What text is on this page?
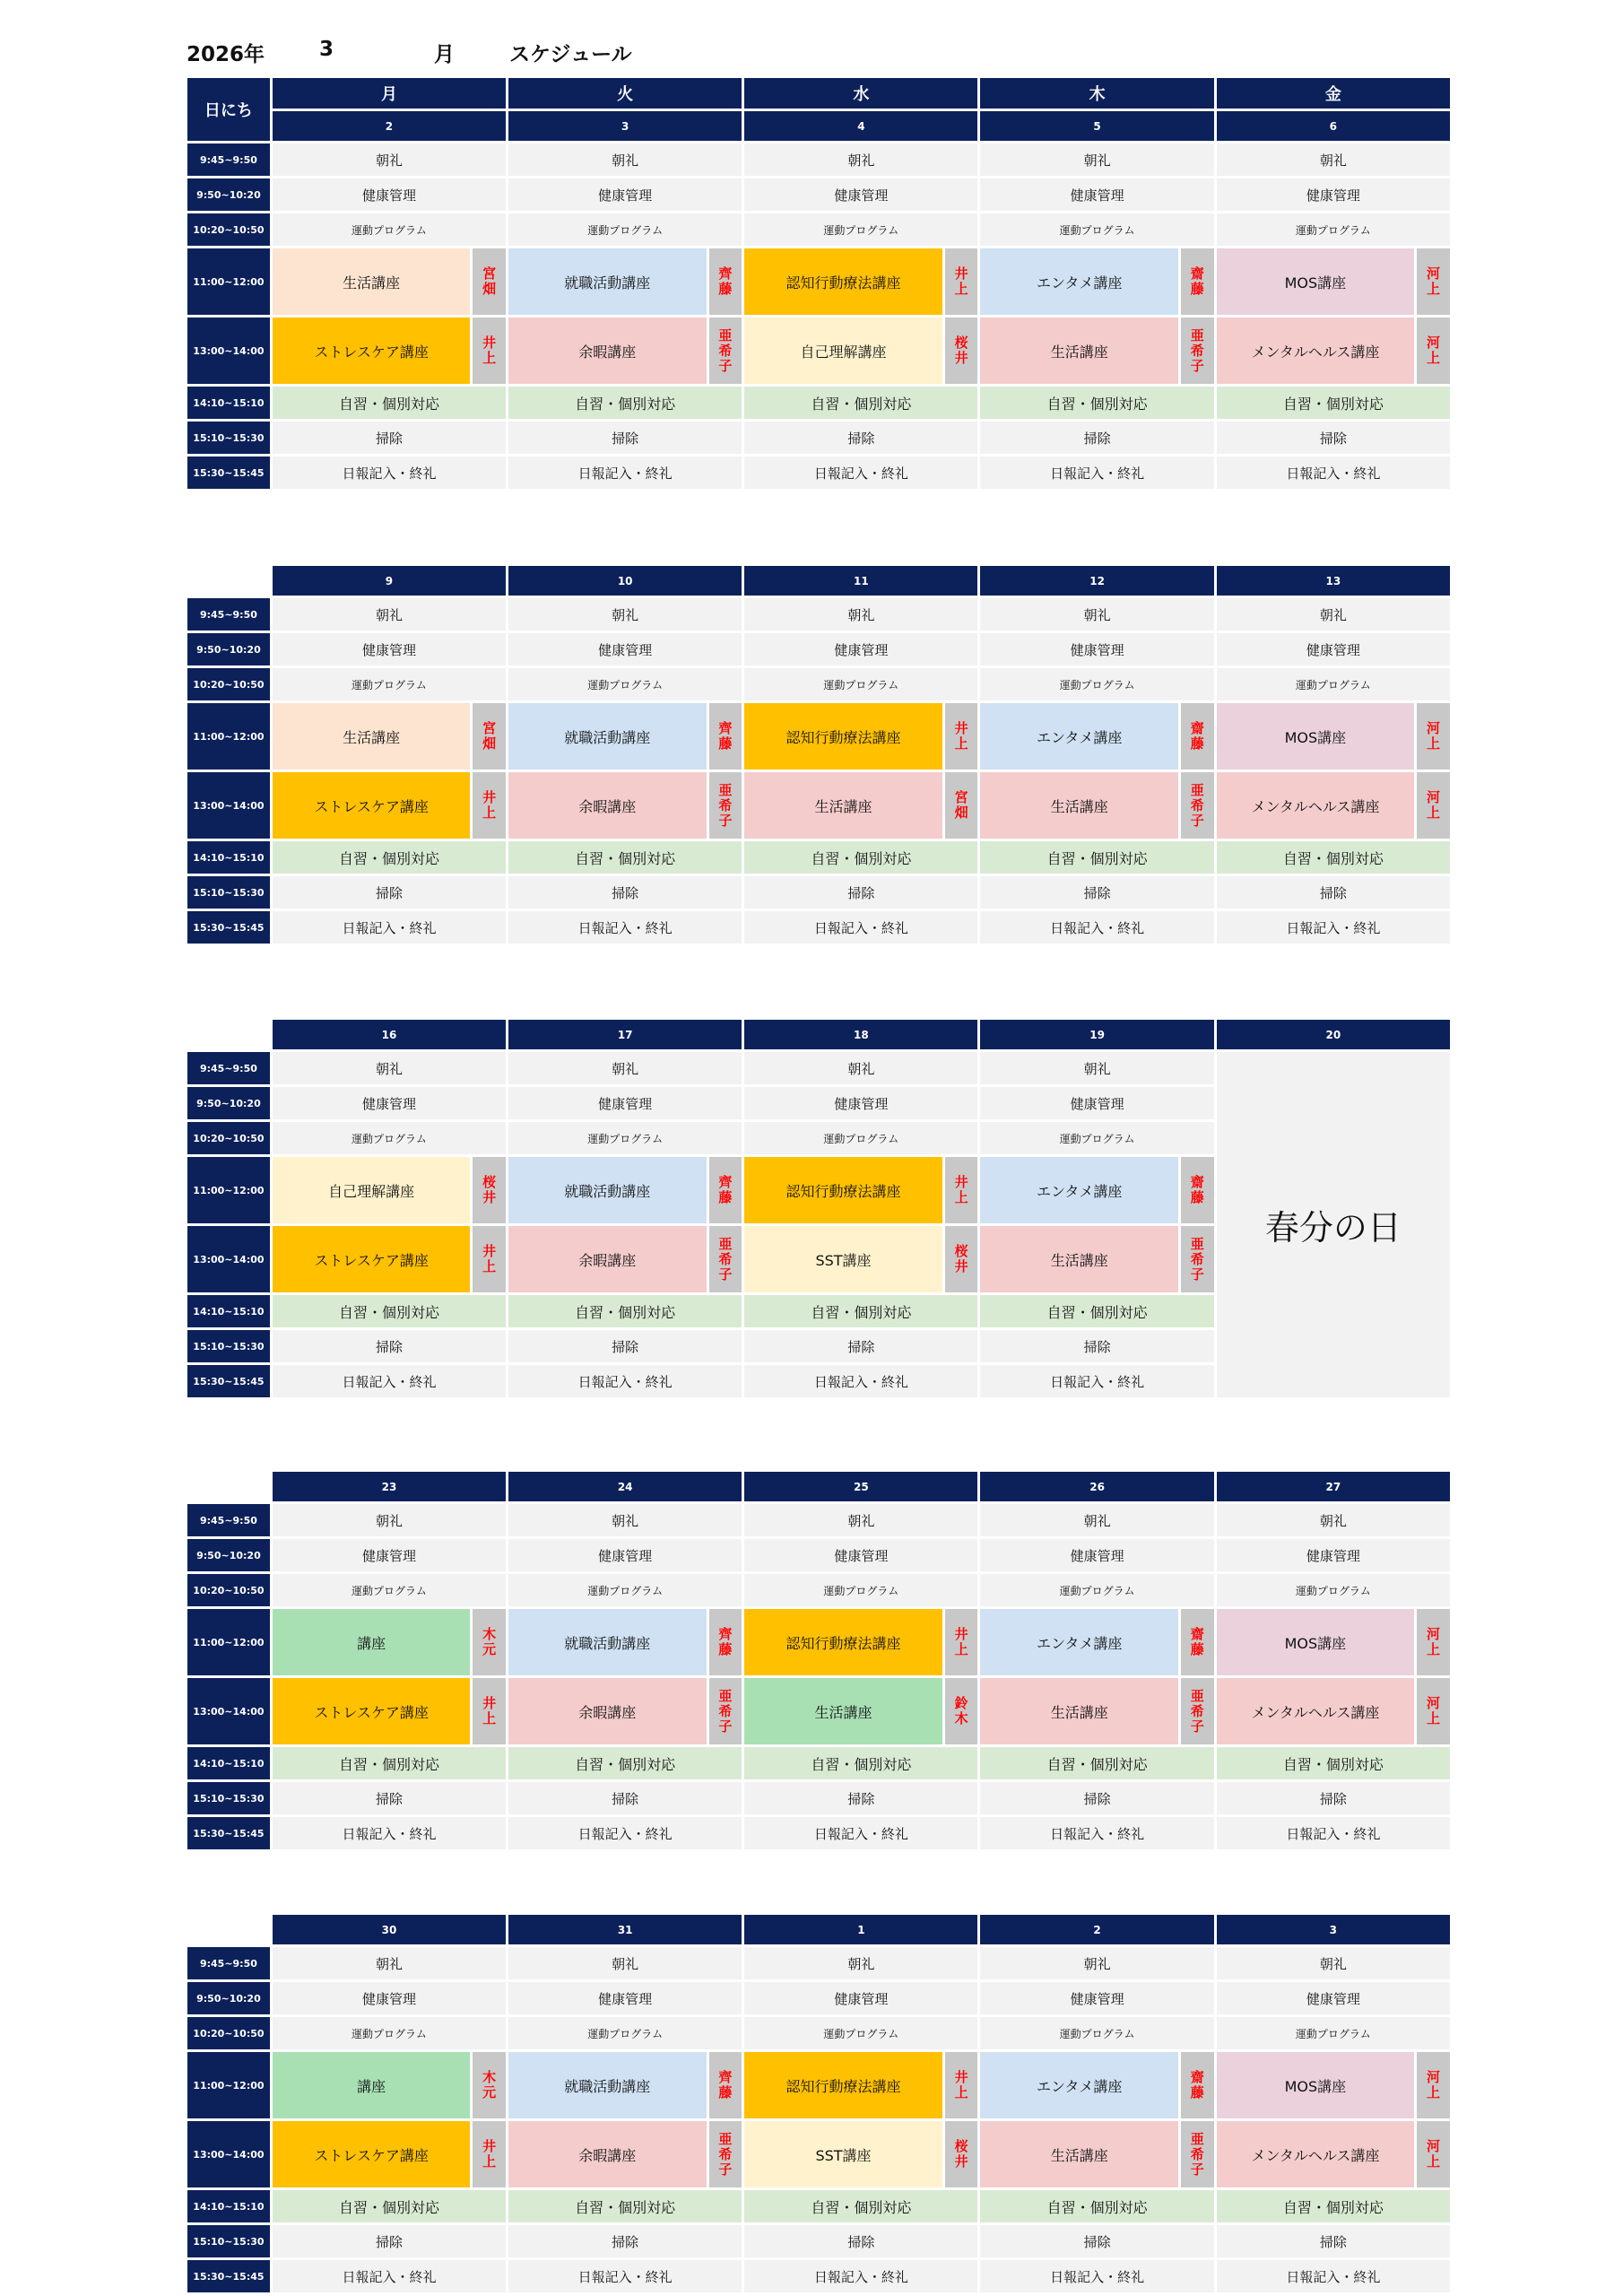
2026年	3	月	スケジュール
日にち	月		火		水		木		金	
	2		3		4		5		6	
9:45~9:50	朝礼		朝礼		朝礼		朝礼		朝礼	
9:50~10:20	健康管理		健康管理		健康管理		健康管理		健康管理	
10:20~10:50	運動プログラム		運動プログラム		運動プログラム		運動プログラム		運動プログラム	
11:00~12:00	生活講座	宮畑	就職活動講座	齊藤	認知行動療法講座	井上	エンタメ講座	齋藤	MOS講座	河上
13:00~14:00	ストレスケア講座	井上	余暇講座	亜希子	自己理解講座	桜井	生活講座	亜希子	メンタルヘルス講座	河上
14:10~15:10	自習・個別対応		自習・個別対応		自習・個別対応		自習・個別対応		自習・個別対応	
15:10~15:30	掃除		掃除		掃除		掃除		掃除	
15:30~15:45	日報記入・終礼		日報記入・終礼		日報記入・終礼		日報記入・終礼		日報記入・終礼	
	9		10		11		12		13	
9:45~9:50	朝礼		朝礼		朝礼		朝礼		朝礼	
9:50~10:20	健康管理		健康管理		健康管理		健康管理		健康管理	
10:20~10:50	運動プログラム		運動プログラム		運動プログラム		運動プログラム		運動プログラム	
11:00~12:00	生活講座	宮畑	就職活動講座	齊藤	認知行動療法講座	井上	エンタメ講座	齋藤	MOS講座	河上
13:00~14:00	ストレスケア講座	井上	余暇講座	亜希子	生活講座	宮畑	生活講座	亜希子	メンタルヘルス講座	河上
14:10~15:10	自習・個別対応		自習・個別対応		自習・個別対応		自習・個別対応		自習・個別対応	
15:10~15:30	掃除		掃除		掃除		掃除		掃除	
15:30~15:45	日報記入・終礼		日報記入・終礼		日報記入・終礼		日報記入・終礼		日報記入・終礼	
	16		17		18		19		20
9:45~9:50	朝礼		朝礼		朝礼		朝礼		春分の日
9:50~10:20	健康管理		健康管理		健康管理		健康管理		
10:20~10:50	運動プログラム		運動プログラム		運動プログラム		運動プログラム		
11:00~12:00	自己理解講座	桜井	就職活動講座	齊藤	認知行動療法講座	井上	エンタメ講座	齋藤	
13:00~14:00	ストレスケア講座	井上	余暇講座	亜希子	SST講座	桜井	生活講座	亜希子	
14:10~15:10	自習・個別対応		自習・個別対応		自習・個別対応		自習・個別対応		
15:10~15:30	掃除		掃除		掃除		掃除		
15:30~15:45	日報記入・終礼		日報記入・終礼		日報記入・終礼		日報記入・終礼		
	23		24		25		26		27	
9:45~9:50	朝礼		朝礼		朝礼		朝礼		朝礼	
9:50~10:20	健康管理		健康管理		健康管理		健康管理		健康管理	
10:20~10:50	運動プログラム		運動プログラム		運動プログラム		運動プログラム		運動プログラム	
11:00~12:00	講座	木元	就職活動講座	齊藤	認知行動療法講座	井上	エンタメ講座	齋藤	MOS講座	河上
13:00~14:00	ストレスケア講座	井上	余暇講座	亜希子	生活講座	鈴木	生活講座	亜希子	メンタルヘルス講座	河上
14:10~15:10	自習・個別対応		自習・個別対応		自習・個別対応		自習・個別対応		自習・個別対応	
15:10~15:30	掃除		掃除		掃除		掃除		掃除	
15:30~15:45	日報記入・終礼		日報記入・終礼		日報記入・終礼		日報記入・終礼		日報記入・終礼	
	30		31		1		2		3	
9:45~9:50	朝礼		朝礼		朝礼		朝礼		朝礼	
9:50~10:20	健康管理		健康管理		健康管理		健康管理		健康管理	
10:20~10:50	運動プログラム		運動プログラム		運動プログラム		運動プログラム		運動プログラム	
11:00~12:00	講座	木元	就職活動講座	齊藤	認知行動療法講座	井上	エンタメ講座	齋藤	MOS講座	河上
13:00~14:00	ストレスケア講座	井上	余暇講座	亜希子	SST講座	桜井	生活講座	亜希子	メンタルヘルス講座	河上
14:10~15:10	自習・個別対応		自習・個別対応		自習・個別対応		自習・個別対応		自習・個別対応	
15:10~15:30	掃除		掃除		掃除		掃除		掃除	
15:30~15:45	日報記入・終礼		日報記入・終礼		日報記入・終礼		日報記入・終礼		日報記入・終礼	
